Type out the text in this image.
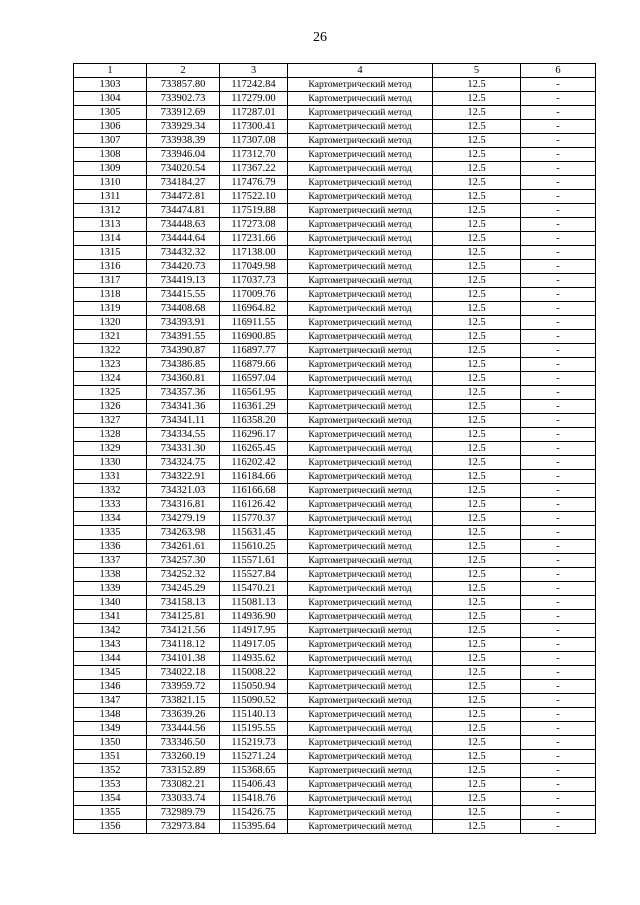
26
1	2	3	4	5	6
1303	733857.80	117242.84	Картометрический метод	12.5	-
1304	733902.73	117279.00	Картометрический метод	12.5	-
1305	733912.69	117287.01	Картометрический метод	12.5	-
1306	733929.34	117300.41	Картометрический метод	12.5	-
1307	733938.39	117307.08	Картометрический метод	12.5	-
1308	733946.04	117312.70	Картометрический метод	12.5	-
1309	734020.54	117367.22	Картометрический метод	12.5	-
1310	734184.27	117476.79	Картометрический метод	12.5	-
1311	734472.81	117522.10	Картометрический метод	12.5	-
1312	734474.81	117519.88	Картометрический метод	12.5	-
1313	734448.63	117273.08	Картометрический метод	12.5	-
1314	734444.64	117231.66	Картометрический метод	12.5	-
1315	734432.32	117138.00	Картометрический метод	12.5	-
1316	734420.73	117049.98	Картометрический метод	12.5	-
1317	734419.13	117037.73	Картометрический метод	12.5	-
1318	734415.55	117009.76	Картометрический метод	12.5	-
1319	734408.68	116964.82	Картометрический метод	12.5	-
1320	734393.91	116911.55	Картометрический метод	12.5	-
1321	734391.55	116900.85	Картометрический метод	12.5	-
1322	734390.87	116897.77	Картометрический метод	12.5	-
1323	734386.85	116879.66	Картометрический метод	12.5	-
1324	734360.81	116597.04	Картометрический метод	12.5	-
1325	734357.36	116561.95	Картометрический метод	12.5	-
1326	734341.36	116361.29	Картометрический метод	12.5	-
1327	734341.11	116358.20	Картометрический метод	12.5	-
1328	734334.55	116296.17	Картометрический метод	12.5	-
1329	734331.30	116265.45	Картометрический метод	12.5	-
1330	734324.75	116202.42	Картометрический метод	12.5	-
1331	734322.91	116184.66	Картометрический метод	12.5	-
1332	734321.03	116166.68	Картометрический метод	12.5	-
1333	734316.81	116126.42	Картометрический метод	12.5	-
1334	734279.19	115770.37	Картометрический метод	12.5	-
1335	734263.98	115631.45	Картометрический метод	12.5	-
1336	734261.61	115610.25	Картометрический метод	12.5	-
1337	734257.30	115571.61	Картометрический метод	12.5	-
1338	734252.32	115527.84	Картометрический метод	12.5	-
1339	734245.29	115470.21	Картометрический метод	12.5	-
1340	734158.13	115081.13	Картометрический метод	12.5	-
1341	734125.81	114936.90	Картометрический метод	12.5	-
1342	734121.56	114917.95	Картометрический метод	12.5	-
1343	734118.12	114917.05	Картометрический метод	12.5	-
1344	734101.38	114935.62	Картометрический метод	12.5	-
1345	734022.18	115008.22	Картометрический метод	12.5	-
1346	733959.72	115050.94	Картометрический метод	12.5	-
1347	733821.15	115090.52	Картометрический метод	12.5	-
1348	733639.26	115140.13	Картометрический метод	12.5	-
1349	733444.56	115195.55	Картометрический метод	12.5	-
1350	733346.50	115219.73	Картометрический метод	12.5	-
1351	733260.19	115271.24	Картометрический метод	12.5	-
1352	733152.89	115368.65	Картометрический метод	12.5	-
1353	733082.21	115406.43	Картометрический метод	12.5	-
1354	733033.74	115418.76	Картометрический метод	12.5	-
1355	732989.79	115426.75	Картометрический метод	12.5	-
1356	732973.84	115395.64	Картометрический метод	12.5	-
